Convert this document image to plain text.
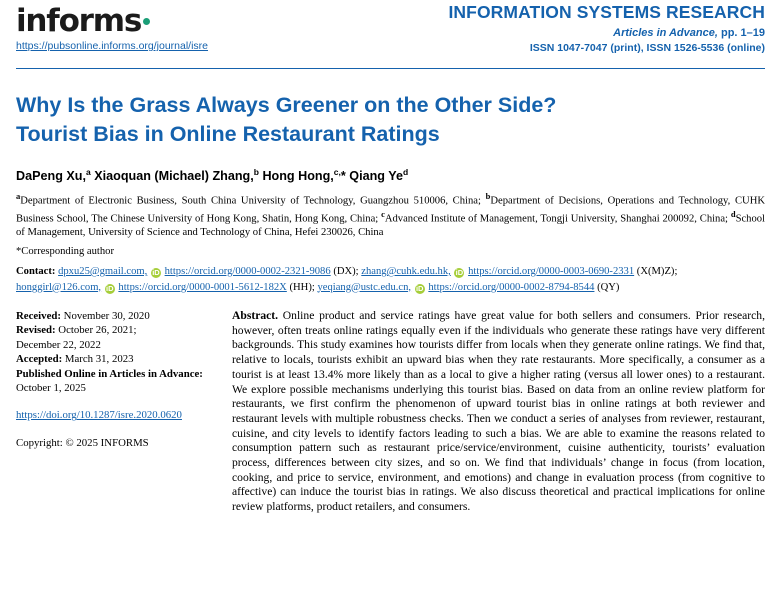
informs
https://pubsonline.informs.org/journal/isre
INFORMATION SYSTEMS RESEARCH
Articles in Advance, pp. 1–19
ISSN 1047-7047 (print), ISSN 1526-5536 (online)
Why Is the Grass Always Greener on the Other Side?
Tourist Bias in Online Restaurant Ratings
DaPeng Xu,$^a$ Xiaoquan (Michael) Zhang,$^b$ Hong Hong,$^{c,}$* Qiang Ye$^d$
$^a$Department of Electronic Business, South China University of Technology, Guangzhou 510006, China; $^b$Department of Decisions, Operations and Technology, CUHK Business School, The Chinese University of Hong Kong, Shatin, Hong Kong, China; $^c$Advanced Institute of Management, Tongji University, Shanghai 200092, China; $^d$School of Management, University of Science and Technology of China, Hefei 230026, China
*Corresponding author
Contact: dpxu25@gmail.com, iD https://orcid.org/0000-0002-2321-9086 (DX); zhang@cuhk.edu.hk, iD https://orcid.org/0000-0003-0690-2331 (X(M)Z); honggirl@126.com, iD https://orcid.org/0000-0001-5612-182X (HH); yeqiang@ustc.edu.cn, iD https://orcid.org/0000-0002-8794-8544 (QY)
Received: November 30, 2020
Revised: October 26, 2021;
December 22, 2022
Accepted: March 31, 2023
Published Online in Articles in Advance:
October 1, 2025
https://doi.org/10.1287/isre.2020.0620
Copyright: © 2025 INFORMS
Abstract. Online product and service ratings have great value for both sellers and consumers. Prior research, however, often treats online ratings equally even if the individuals who generate these ratings have very different backgrounds. This study examines how tourists differ from locals when they generate online ratings. We find that, relative to locals, tourists exhibit an upward bias when they rate restaurants. More specifically, a consumer as a tourist is at least 13.4% more likely than as a local to give a higher rating (versus all lower ones) to a restaurant. We explore possible mechanisms underlying this tourist bias. Based on data from an online review platform for restaurants, we first confirm the phenomenon of upward tourist bias in online ratings at both reviewer and restaurant levels with multiple robustness checks. Then we conduct a series of analyses from reviewer, restaurant, cuisine, and city levels to identify factors leading to such a bias. We are able to examine the reasons related to consumption pattern such as restaurant price/service/environment, cuisine authenticity, tourists’ evaluation process, differences between city sizes, and so on. We find that individuals’ change in focus (from location, cooking, and price to service, environment, and emotions) and change in evaluation process (from cognitive to affective) can induce the tourist bias in ratings. We also discuss theoretical and practical implications for online review platforms, product retailers, and consumers.
